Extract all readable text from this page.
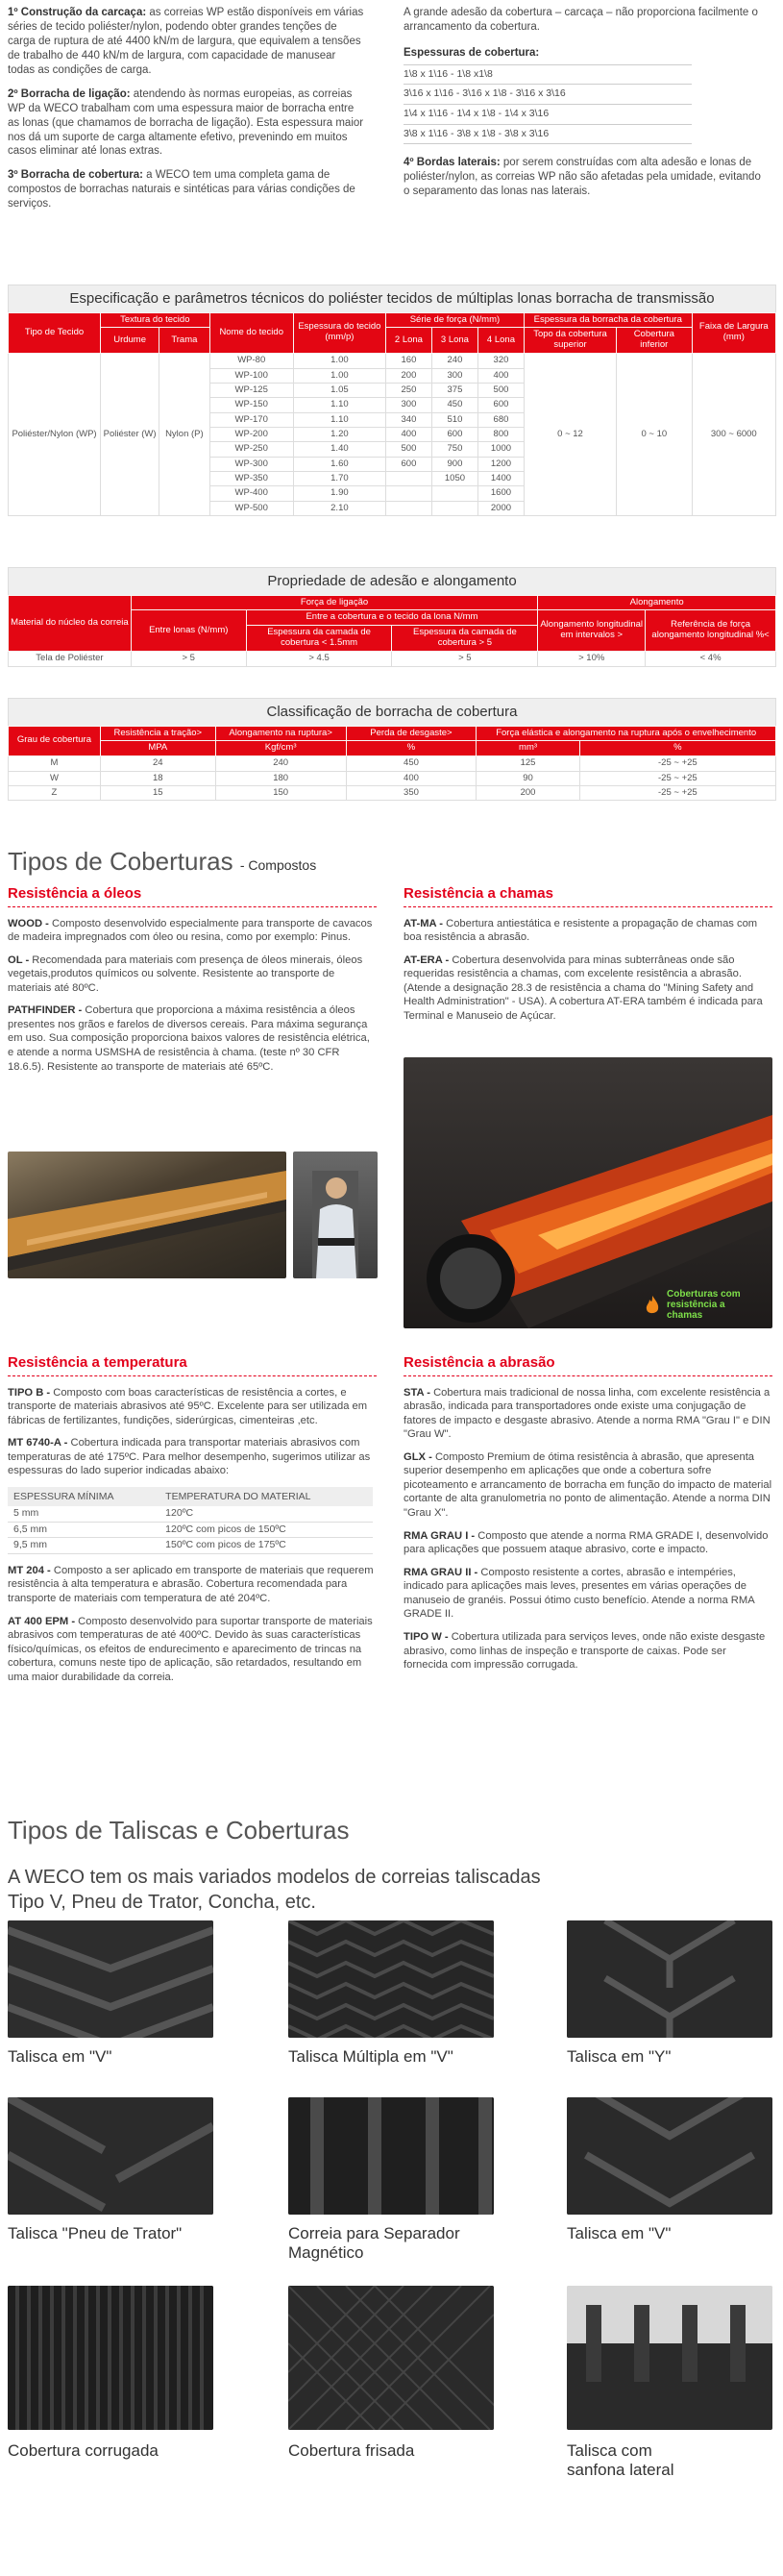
1º Construção da carcaça: as correias WP estão disponíveis em várias séries de tecido poliéster/nylon, podendo obter grandes tenções de carga de ruptura de até 4400 kN/m de largura, que equivalem a tensões de trabalho de 440 kN/m de largura, com capacidade de manusear todas as condições de carga.

2º Borracha de ligação: atendendo às normas europeias, as correias WP da WECO trabalham com uma espessura maior de borracha entre as lonas (que chamamos de borracha de ligação). Esta espessura maior nos dá um suporte de carga altamente efetivo, prevenindo em muitos casos eliminar até lonas extras.

3º Borracha de cobertura: a WECO tem uma completa gama de compostos de borrachas naturais e sintéticas para várias condições de serviços.

A grande adesão da cobertura – carcaça – não proporciona facilmente o arrancamento da cobertura.

Espessuras de cobertura:
1\8 x 1\16 - 1\8 x1\8
3\16 x 1\16 - 3\16 x 1\8 - 3\16 x 3\16
1\4 x 1\16 - 1\4 x 1\8 - 1\4 x 3\16
3\8 x 1\16 - 3\8 x 1\8 - 3\8 x 3\16

4º Bordas laterais: por serem construídas com alta adesão e lonas de poliéster/nylon, as correias WP não são afetadas pela umidade, evitando o separamento das lonas nas laterais.

Especificação e parâmetros técnicos do poliéster tecidos de múltiplas lonas borracha de transmissão
Tipo de Tecido	Textura do tecido		Nome do tecido	Espessura do tecido (mm/p)	Série de força (N/mm)			Espessura da borracha da cobertura		Faixa de Largura (mm)
	Urdume	Trama			2 Lona	3 Lona	4 Lona	Topo da cobertura superior	Cobertura inferior	
Poliéster/Nylon (WP)	Poliéster (W)	Nylon (P)	WP-80	1.00	160	240	320	0 ~ 12	0 ~ 10	300 ~ 6000
			WP-100	1.00	200	300	400			
			WP-125	1.05	250	375	500			
			WP-150	1.10	300	450	600			
			WP-170	1.10	340	510	680			
			WP-200	1.20	400	600	800			
			WP-250	1.40	500	750	1000			
			WP-300	1.60	600	900	1200			
			WP-350	1.70		1050	1400			
			WP-400	1.90			1600			
			WP-500	2.10			2000			
Propriedade de adesão e alongamento
Material do núcleo da correia	Força de ligação			Alongamento	
	Entre lonas (N/mm)	Entre a cobertura e o tecido da lona N/mm		Alongamento longitudinal em intervalos >	Referência de força alongamento longitudinal %<
		Espessura da camada de cobertura < 1.5mm	Espessura da camada de cobertura > 5		
Tela de Poliéster	> 5	> 4.5	> 5	> 10%	< 4%
Classificação de borracha de cobertura
Grau de cobertura	Resistência a tração>	Alongamento na ruptura>	Perda de desgaste>	Força elástica e alongamento na ruptura após o envelhecimento	
	MPA	Kgf/cm³	%	mm³	%
M	24	240	450	125	-25 ~ +25
W	18	180	400	90	-25 ~ +25
Z	15	150	350	200	-25 ~ +25
Tipos de Coberturas - Compostos
Resistência a óleos

WOOD - Composto desenvolvido especialmente para transporte de cavacos de madeira impregnados com óleo ou resina, como por exemplo: Pinus.

OL - Recomendada para materiais com presença de óleos minerais, óleos vegetais,produtos químicos ou solvente. Resistente ao transporte de materiais até 80ºC.

PATHFINDER - Cobertura que proporciona a máxima resistência a óleos presentes nos grãos e farelos de diversos cereais. Para máxima segurança em uso. Sua composição proporciona baixos valores de resistência elétrica, e atende a norma USMSHA de resistência à chama. (teste nº 30 CFR 18.6.5). Resistente ao transporte de materiais até 65ºC.

Resistência a chamas

AT-MA - Cobertura antiestática e resistente a propagação de chamas com boa resistência a abrasão.

AT-ERA - Cobertura desenvolvida para minas subterrâneas onde são requeridas resistência a chamas, com excelente resistência a abrasão. (Atende a designação 28.3 de resistência a chama do "Mining Safety and Health Administration" - USA). A cobertura AT-ERA também é indicada para Terminal e Manuseio de Açúcar.

Coberturas com resistência a chamas
Resistência a temperatura

TIPO B - Composto com boas características de resistência a cortes, e transporte de materiais abrasivos até 95ºC. Excelente para ser utilizada em fábricas de fertilizantes, fundições, siderúrgicas, cimenteiras ,etc.

MT 6740-A - Cobertura indicada para transportar materiais abrasivos com temperaturas de até 175ºC. Para melhor desempenho, sugerimos utilizar as espessuras do lado superior indicadas abaixo:

ESPESSURA MÍNIMA	TEMPERATURA DO MATERIAL
5 mm	120ºC
6,5 mm	120ºC com picos de 150ºC
9,5 mm	150ºC com picos de 175ºC

MT 204 - Composto a ser aplicado em transporte de materiais que requerem resistência à alta temperatura e abrasão. Cobertura recomendada para transporte de materiais com temperatura de até 204ºC.

AT 400 EPM - Composto desenvolvido para suportar transporte de materiais abrasivos com temperaturas de até 400ºC. Devido às suas características físico/químicas, os efeitos de endurecimento e aparecimento de trincas na cobertura, comuns neste tipo de aplicação, são retardados, resultando em uma maior durabilidade da correia.

Resistência a abrasão

STA - Cobertura mais tradicional de nossa linha, com excelente resistência a abrasão, indicada para transportadores onde existe uma conjugação de fatores de impacto e desgaste abrasivo. Atende a norma RMA "Grau I" e DIN "Grau W".

GLX - Composto Premium de ótima resistência à abrasão, que apresenta superior desempenho em aplicações que onde a cobertura sofre picoteamento e arrancamento de borracha em função do impacto de material cortante de alta granulometria no ponto de alimentação. Atende a norma DIN "Grau X".

RMA GRAU I - Composto que atende a norma RMA GRADE I, desenvolvido para aplicações que possuem ataque abrasivo, corte e impacto.

RMA GRAU II - Composto resistente a cortes, abrasão e intempéries, indicado para aplicações mais leves, presentes em várias operações de manuseio de granéis. Possui ótimo custo benefício. Atende a norma RMA GRADE II.

TIPO W - Cobertura utilizada para serviços leves, onde não existe desgaste abrasivo, como linhas de inspeção e transporte de caixas. Pode ser fornecida com impressão corrugada.

Tipos de Taliscas e Coberturas
A WECO tem os mais variados modelos de correias taliscadas
Tipo V, Pneu de Trator, Concha, etc.
Talisca em "V"	Talisca Múltipla em "V"	Talisca em "Y"
Talisca "Pneu de Trator"	Correia para Separador Magnético
Talisca em "V"
Cobertura corrugada	Cobertura frisada	Talisca com sanfona lateral
